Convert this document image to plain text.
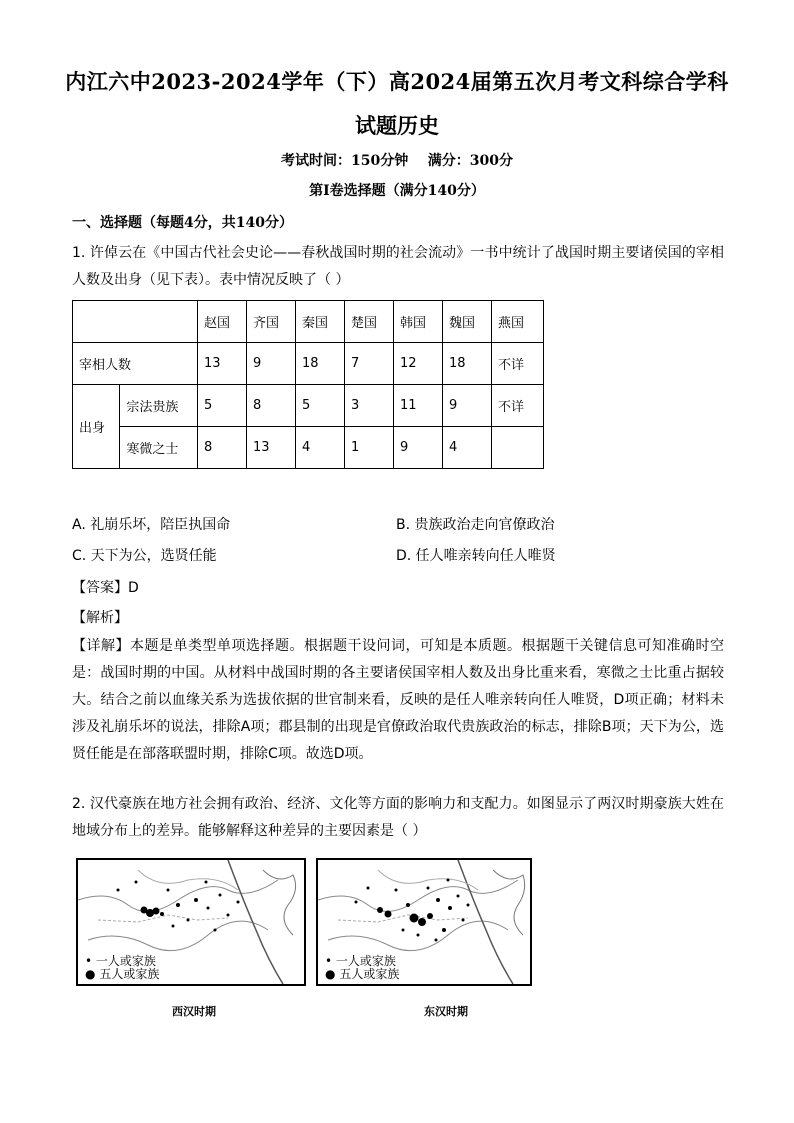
内江六中2023-2024学年（下）高2024届第五次月考文科综合学科
试题历史
考试时间：150分钟    满分：300分
第Ⅰ卷选择题（满分140分）
一、选择题（每题4分，共140分）
1. 许倬云在《中国古代社会史论——春秋战国时期的社会流动》一书中统计了战国时期主要诸侯国的宰相人数及出身（见下表）。表中情况反映了（ ）
		赵国	齐国	秦国	楚国	韩国	魏国	燕国
宰相人数		13	9	18	7	12	18	不详
出身	宗法贵族	5	8	5	3	11	9	不详
	寒微之士	8	13	4	1	9	4	
A. 礼崩乐坏，陪臣执国命	B. 贵族政治走向官僚政治
C. 天下为公，选贤任能	D. 任人唯亲转向任人唯贤
【答案】D
【解析】
【详解】本题是单类型单项选择题。根据题干设问词，可知是本质题。根据题干关键信息可知准确时空是：战国时期的中国。从材料中战国时期的各主要诸侯国宰相人数及出身比重来看，寒微之士比重占据较大。结合之前以血缘关系为选拔依据的世官制来看，反映的是任人唯亲转向任人唯贤，D项正确；材料未涉及礼崩乐坏的说法，排除A项；郡县制的出现是官僚政治取代贵族政治的标志，排除B项；天下为公，选贤任能是在部落联盟时期，排除C项。故选D项。
2. 汉代豪族在地方社会拥有政治、经济、文化等方面的影响力和支配力。如图显示了两汉时期豪族大姓在地域分布上的差异。能够解释这种差异的主要因素是（ ）
• 一人或家族
● 五人或家族
• 一人或家族
● 五人或家族
西汉时期	东汉时期
